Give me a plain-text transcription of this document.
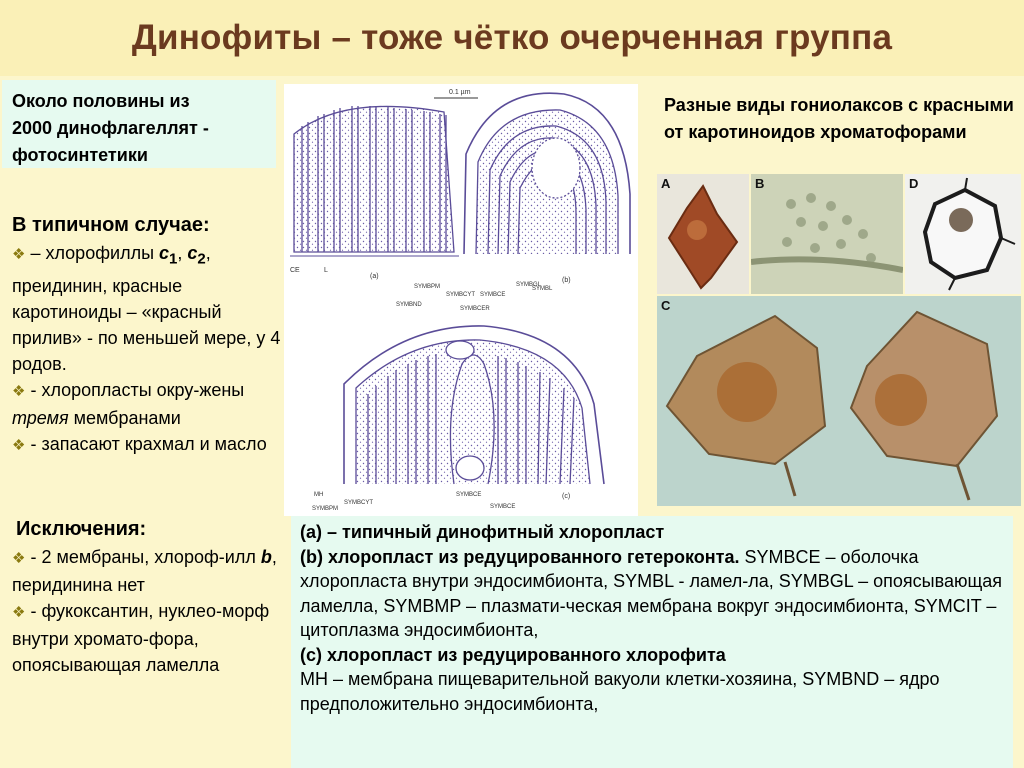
Динофиты – тоже чётко очерченная группа
Около половины из
2000 динофлагеллят -
фотосинтетики
В типичном случае:
❖ – хлорофиллы $с_1$, $с_2$, преидинин, красные каротиноиды – «красный прилив» - по меньшей мере, у 4 родов.
❖ - хлоропласты окру-жены тремя мембранами
❖ - запасают крахмал и масло
Исключения:
❖ - 2 мембраны, хлороф-илл b, перидинина нет
❖ - фукоксантин, нуклео-морф внутри хромато-фора, опоясывающая ламелла
0.1 µm
CE	L
(a)
(b)
SYMBPM
SYMBCYT SYMBCE
SYMBGL
SYMBL
SYMBCER
SYMBND
MH
SYMBPM
SYMBCYT
SYMBCE
SYMBCE
(c)
Разные виды гониолаксов с красными от каротиноидов хроматофорами
A	B	D
C

(а) – типичный динофитный хлоропласт

(b) хлоропласт из редуцированного гетероконта. SYMBCE – оболочка хлоропласта внутри эндосимбионта, SYMBL - ламел-ла, SYMBGL – опоясывающая ламелла, SYMBMP – плазмати-ческая мембрана вокруг эндосимбионта, SYMCIT – цитоплазма эндосимбионта,

(c) хлоропласт из редуцированного хлорофита

MH – мембрана пищеварительной вакуоли клетки-хозяина, SYMBND – ядро предположительно эндосимбионта,
